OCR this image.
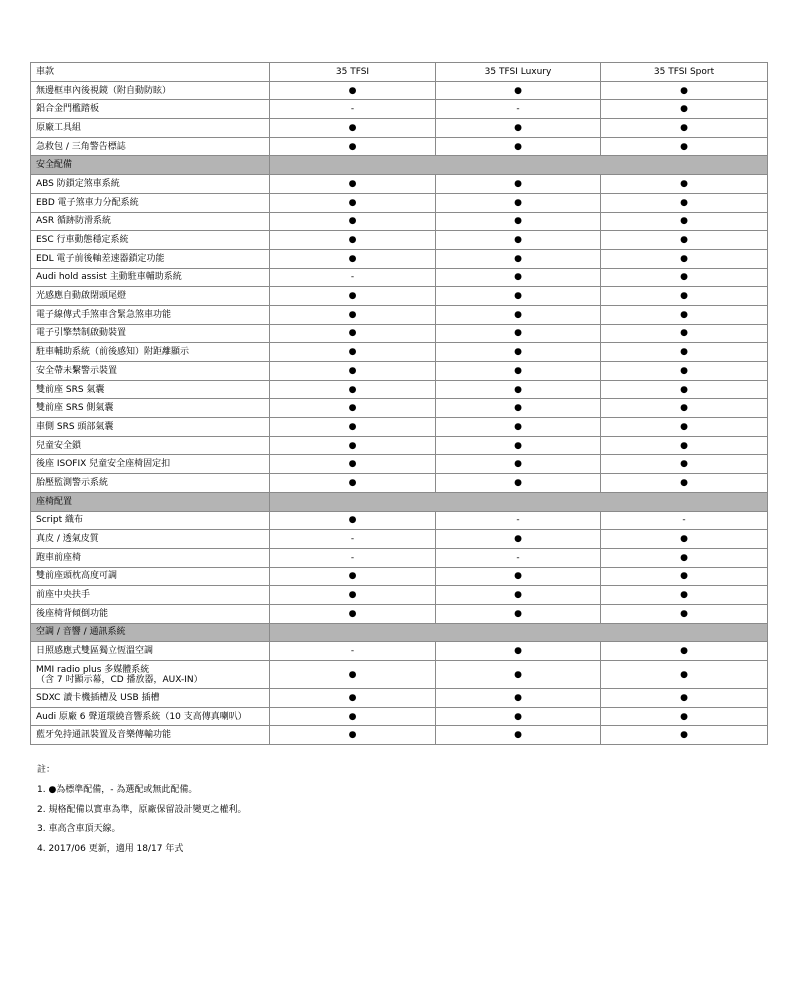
車款	35 TFSI	35 TFSI Luxury	35 TFSI Sport
無邊框車內後視鏡（附自動防眩）	●	●	●
鋁合金門檻踏板	-	-	●
原廠工具組	●	●	●
急救包 / 三角警告標誌	●	●	●
安全配備			
ABS 防鎖定煞車系統	●	●	●
EBD 電子煞車力分配系統	●	●	●
ASR 循跡防滑系統	●	●	●
ESC 行車動態穩定系統	●	●	●
EDL 電子前後軸差速器鎖定功能	●	●	●
Audi hold assist 主動駐車輔助系統	-	●	●
光感應自動啟閉頭尾燈	●	●	●
電子線傳式手煞車含緊急煞車功能	●	●	●
電子引擎禁制啟動裝置	●	●	●
駐車輔助系統（前後感知）附距離顯示	●	●	●
安全帶未繫警示裝置	●	●	●
雙前座 SRS 氣囊	●	●	●
雙前座 SRS 側氣囊	●	●	●
車側 SRS 頭部氣囊	●	●	●
兒童安全鎖	●	●	●
後座 ISOFIX 兒童安全座椅固定扣	●	●	●
胎壓監測警示系統	●	●	●
座椅配置			
Script 織布	●	-	-
真皮 / 透氣皮質	-	●	●
跑車前座椅	-	-	●
雙前座頭枕高度可調	●	●	●
前座中央扶手	●	●	●
後座椅背傾倒功能	●	●	●
空調 / 音響 / 通訊系統			
日照感應式雙區獨立恆溫空調	-	●	●

MMI radio plus 多媒體系統
（含 7 吋顯示幕，CD 播放器，AUX-IN）	●	●	●
SDXC 讀卡機插槽及 USB 插槽	●	●	●
Audi 原廠 6 聲道環繞音響系統（10 支高傳真喇叭）	●	●	●
藍牙免持通訊裝置及音樂傳輸功能	●	●	●
註：
1. ●為標準配備，- 為選配或無此配備。
2. 規格配備以實車為準，原廠保留設計變更之權利。
3. 車高含車頂天線。
4. 2017/06 更新，適用 18/17 年式
